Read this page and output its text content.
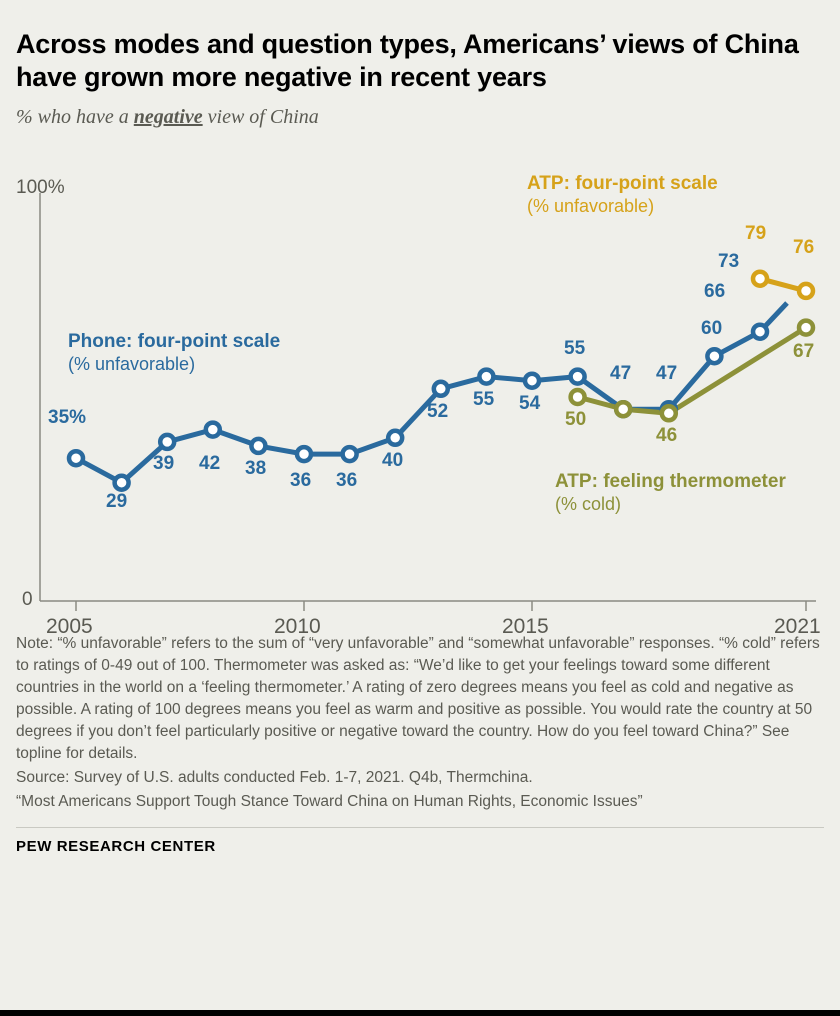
Across modes and question types, Americans’ views of China have grown more negative in recent years

% who have a negative view of China

100%
0
2005	2010	2015	2021
35%
29
39 42 38
36 36
40
52
55 54
55
47 47
60
66
73
79
76
50
46
67
Phone: four-point scale
(% unfavorable)
ATP: four-point scale
(% unfavorable)
ATP: feeling thermometer
(% cold)

Note: “% unfavorable” refers to the sum of “very unfavorable” and “somewhat unfavorable” responses. “% cold” refers to ratings of 0-49 out of 100. Thermometer was asked as: “We’d like to get your feelings toward some different countries in the world on a ‘feeling thermometer.’ A rating of zero degrees means you feel as cold and negative as possible. A rating of 100 degrees means you feel as warm and positive as possible. You would rate the country at 50 degrees if you don’t feel particularly positive or negative toward the country. How do you feel toward China?” See topline for details.

Source: Survey of U.S. adults conducted Feb. 1-7, 2021. Q4b, Thermchina.

“Most Americans Support Tough Stance Toward China on Human Rights, Economic Issues”

PEW RESEARCH CENTER
